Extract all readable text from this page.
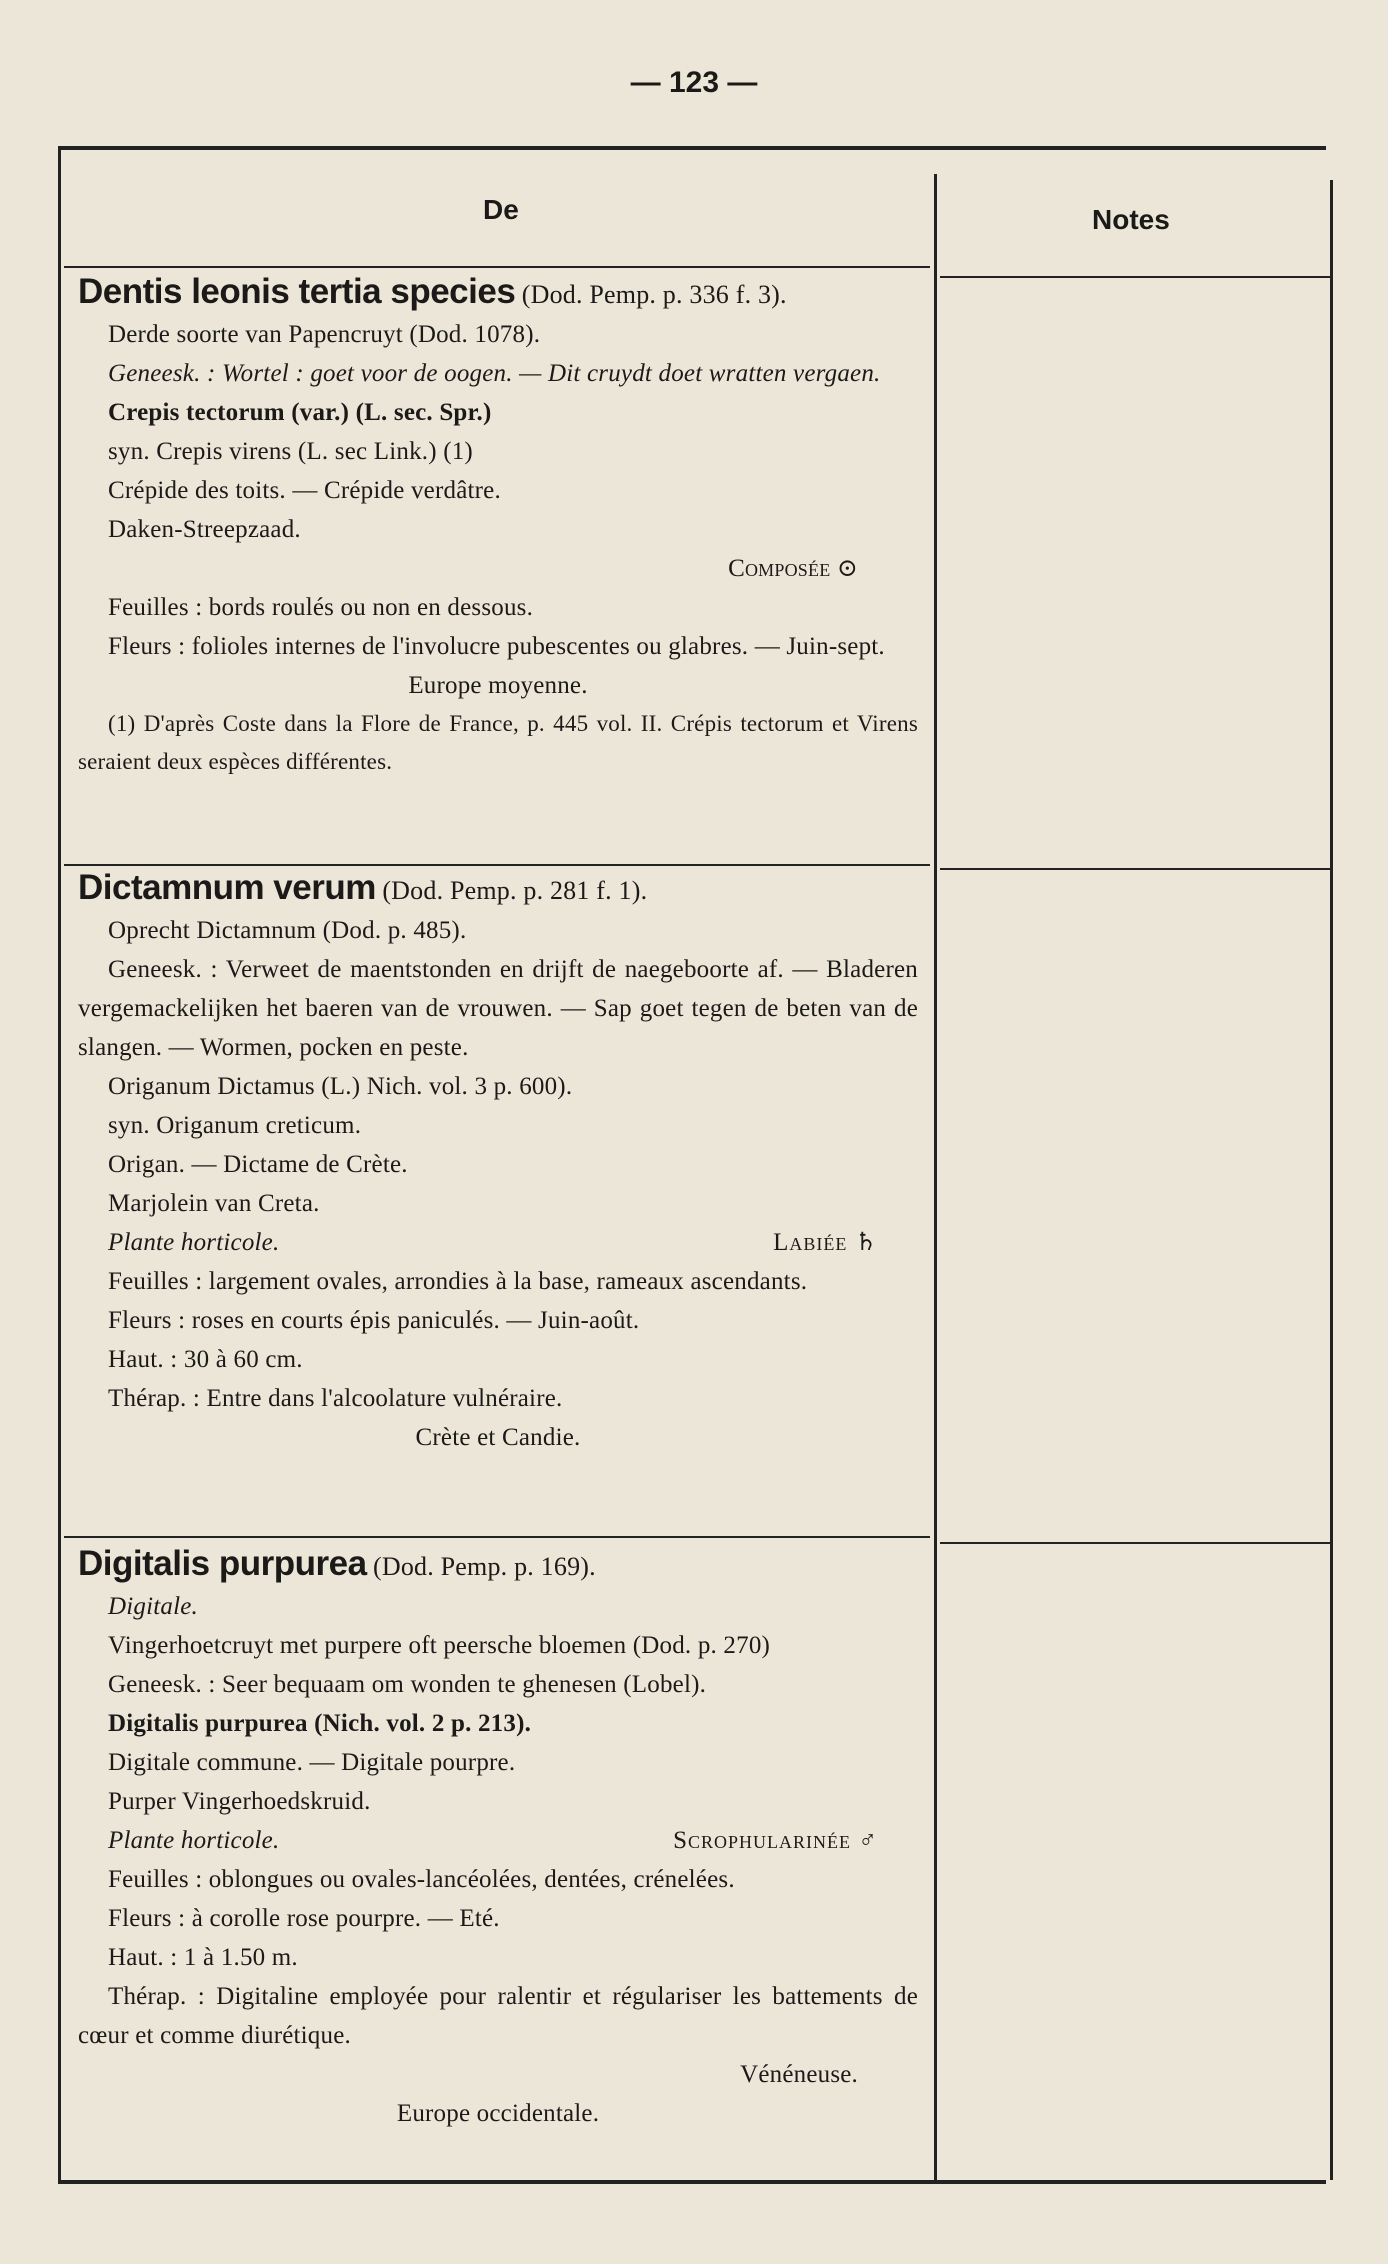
— 123 —
De	Notes

Dentis leonis tertia species (Dod. Pemp. p. 336 f. 3).

Derde soorte van Papencruyt (Dod. 1078).

Geneesk. : Wortel : goet voor de oogen. — Dit cruydt doet wratten vergaen.

Crepis tectorum (var.) (L. sec. Spr.)

syn. Crepis virens (L. sec Link.) (1)

Crépide des toits. — Crépide verdâtre.

Daken-Streepzaad.

Composée ⊙

Feuilles : bords roulés ou non en dessous.

Fleurs : folioles internes de l'involucre pubescentes ou glabres. — Juin-sept.

Europe moyenne.

(1) D'après Coste dans la Flore de France, p. 445 vol. II. Crépis tectorum et Virens seraient deux espèces différentes.

Dictamnum verum (Dod. Pemp. p. 281 f. 1).

Oprecht Dictamnum (Dod. p. 485).

Geneesk. : Verweet de maentstonden en drijft de naegeboorte af. — Bladeren vergemackelijken het baeren van de vrouwen. — Sap goet tegen de beten van de slangen. — Wormen, pocken en peste.

Origanum Dictamus (L.) Nich. vol. 3 p. 600).

syn. Origanum creticum.

Origan. — Dictame de Crète.

Marjolein van Creta.

Plante horticole.	Labiée ♄

Feuilles : largement ovales, arrondies à la base, rameaux ascendants.

Fleurs : roses en courts épis paniculés. — Juin-août.

Haut. : 30 à 60 cm.

Thérap. : Entre dans l'alcoolature vulnéraire.

Crète et Candie.

Digitalis purpurea (Dod. Pemp. p. 169).

Digitale.

Vingerhoetcruyt met purpere oft peersche bloemen (Dod. p. 270)

Geneesk. : Seer bequaam om wonden te ghenesen (Lobel).

Digitalis purpurea (Nich. vol. 2 p. 213).

Digitale commune. — Digitale pourpre.

Purper Vingerhoedskruid.

Plante horticole.	Scrophularinée ♂

Feuilles : oblongues ou ovales-lancéolées, dentées, crénelées.

Fleurs : à corolle rose pourpre. — Eté.

Haut. : 1 à 1.50 m.

Thérap. : Digitaline employée pour ralentir et régulariser les battements de cœur et comme diurétique.

Vénéneuse.

Europe occidentale.
